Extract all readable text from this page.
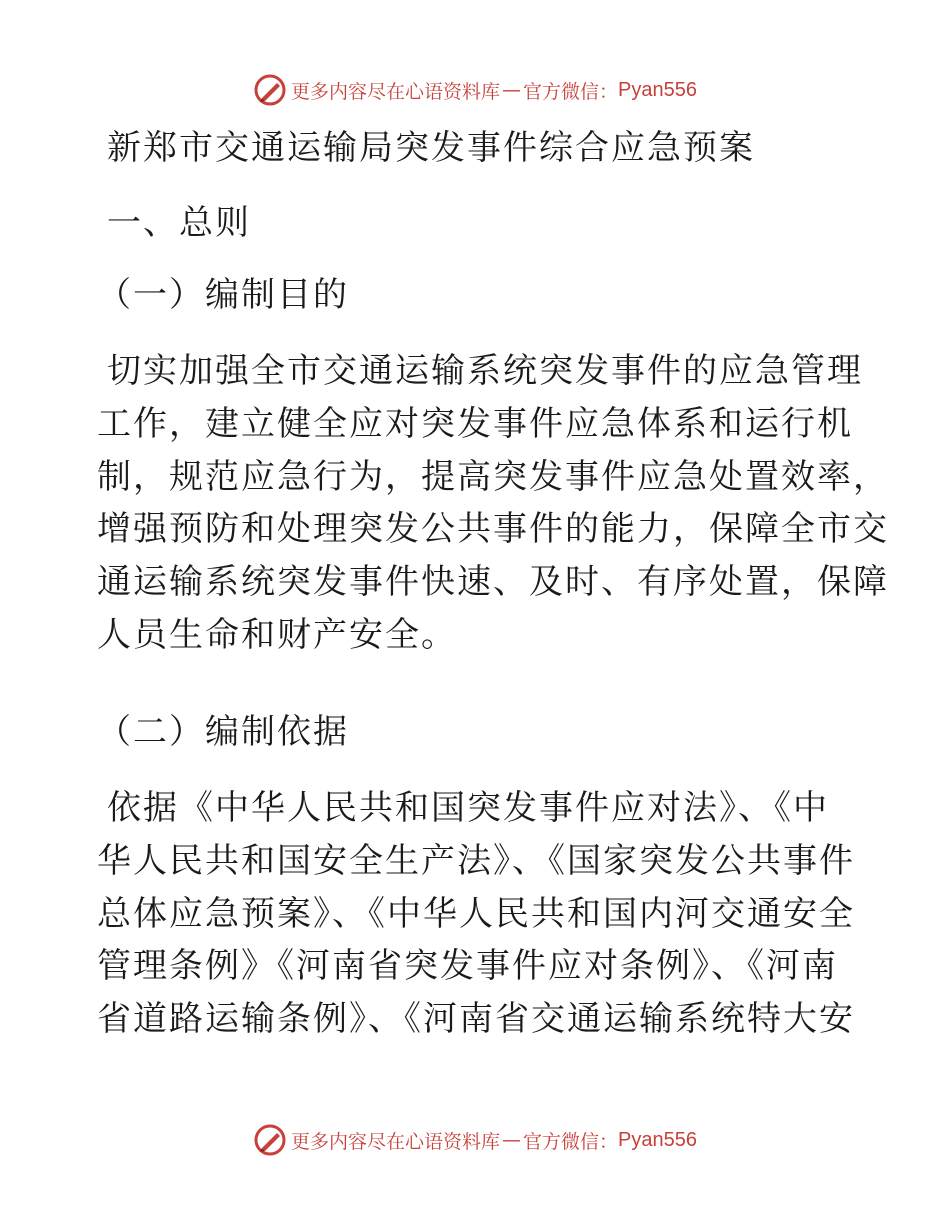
更多内容尽在心语资料库 — 官方微信： Pyan556
新郑市交通运输局突发事件综合应急预案
一、总则
（一）编制目的
切实加强全市交通运输系统突发事件的应急管理
工作，建立健全应对突发事件应急体系和运行机
制，规范应急行为，提高突发事件应急处置效率，
增强预防和处理突发公共事件的能力，保障全市交
通运输系统突发事件快速、及时、有序处置，保障
人员生命和财产安全。
（二）编制依据
依据《中华人民共和国突发事件应对法》、《中
华人民共和国安全生产法》、《国家突发公共事件
总体应急预案》、《中华人民共和国内河交通安全
管理条例》《河南省突发事件应对条例》、《河南
省道路运输条例》、《河南省交通运输系统特大安
更多内容尽在心语资料库 — 官方微信： Pyan556
